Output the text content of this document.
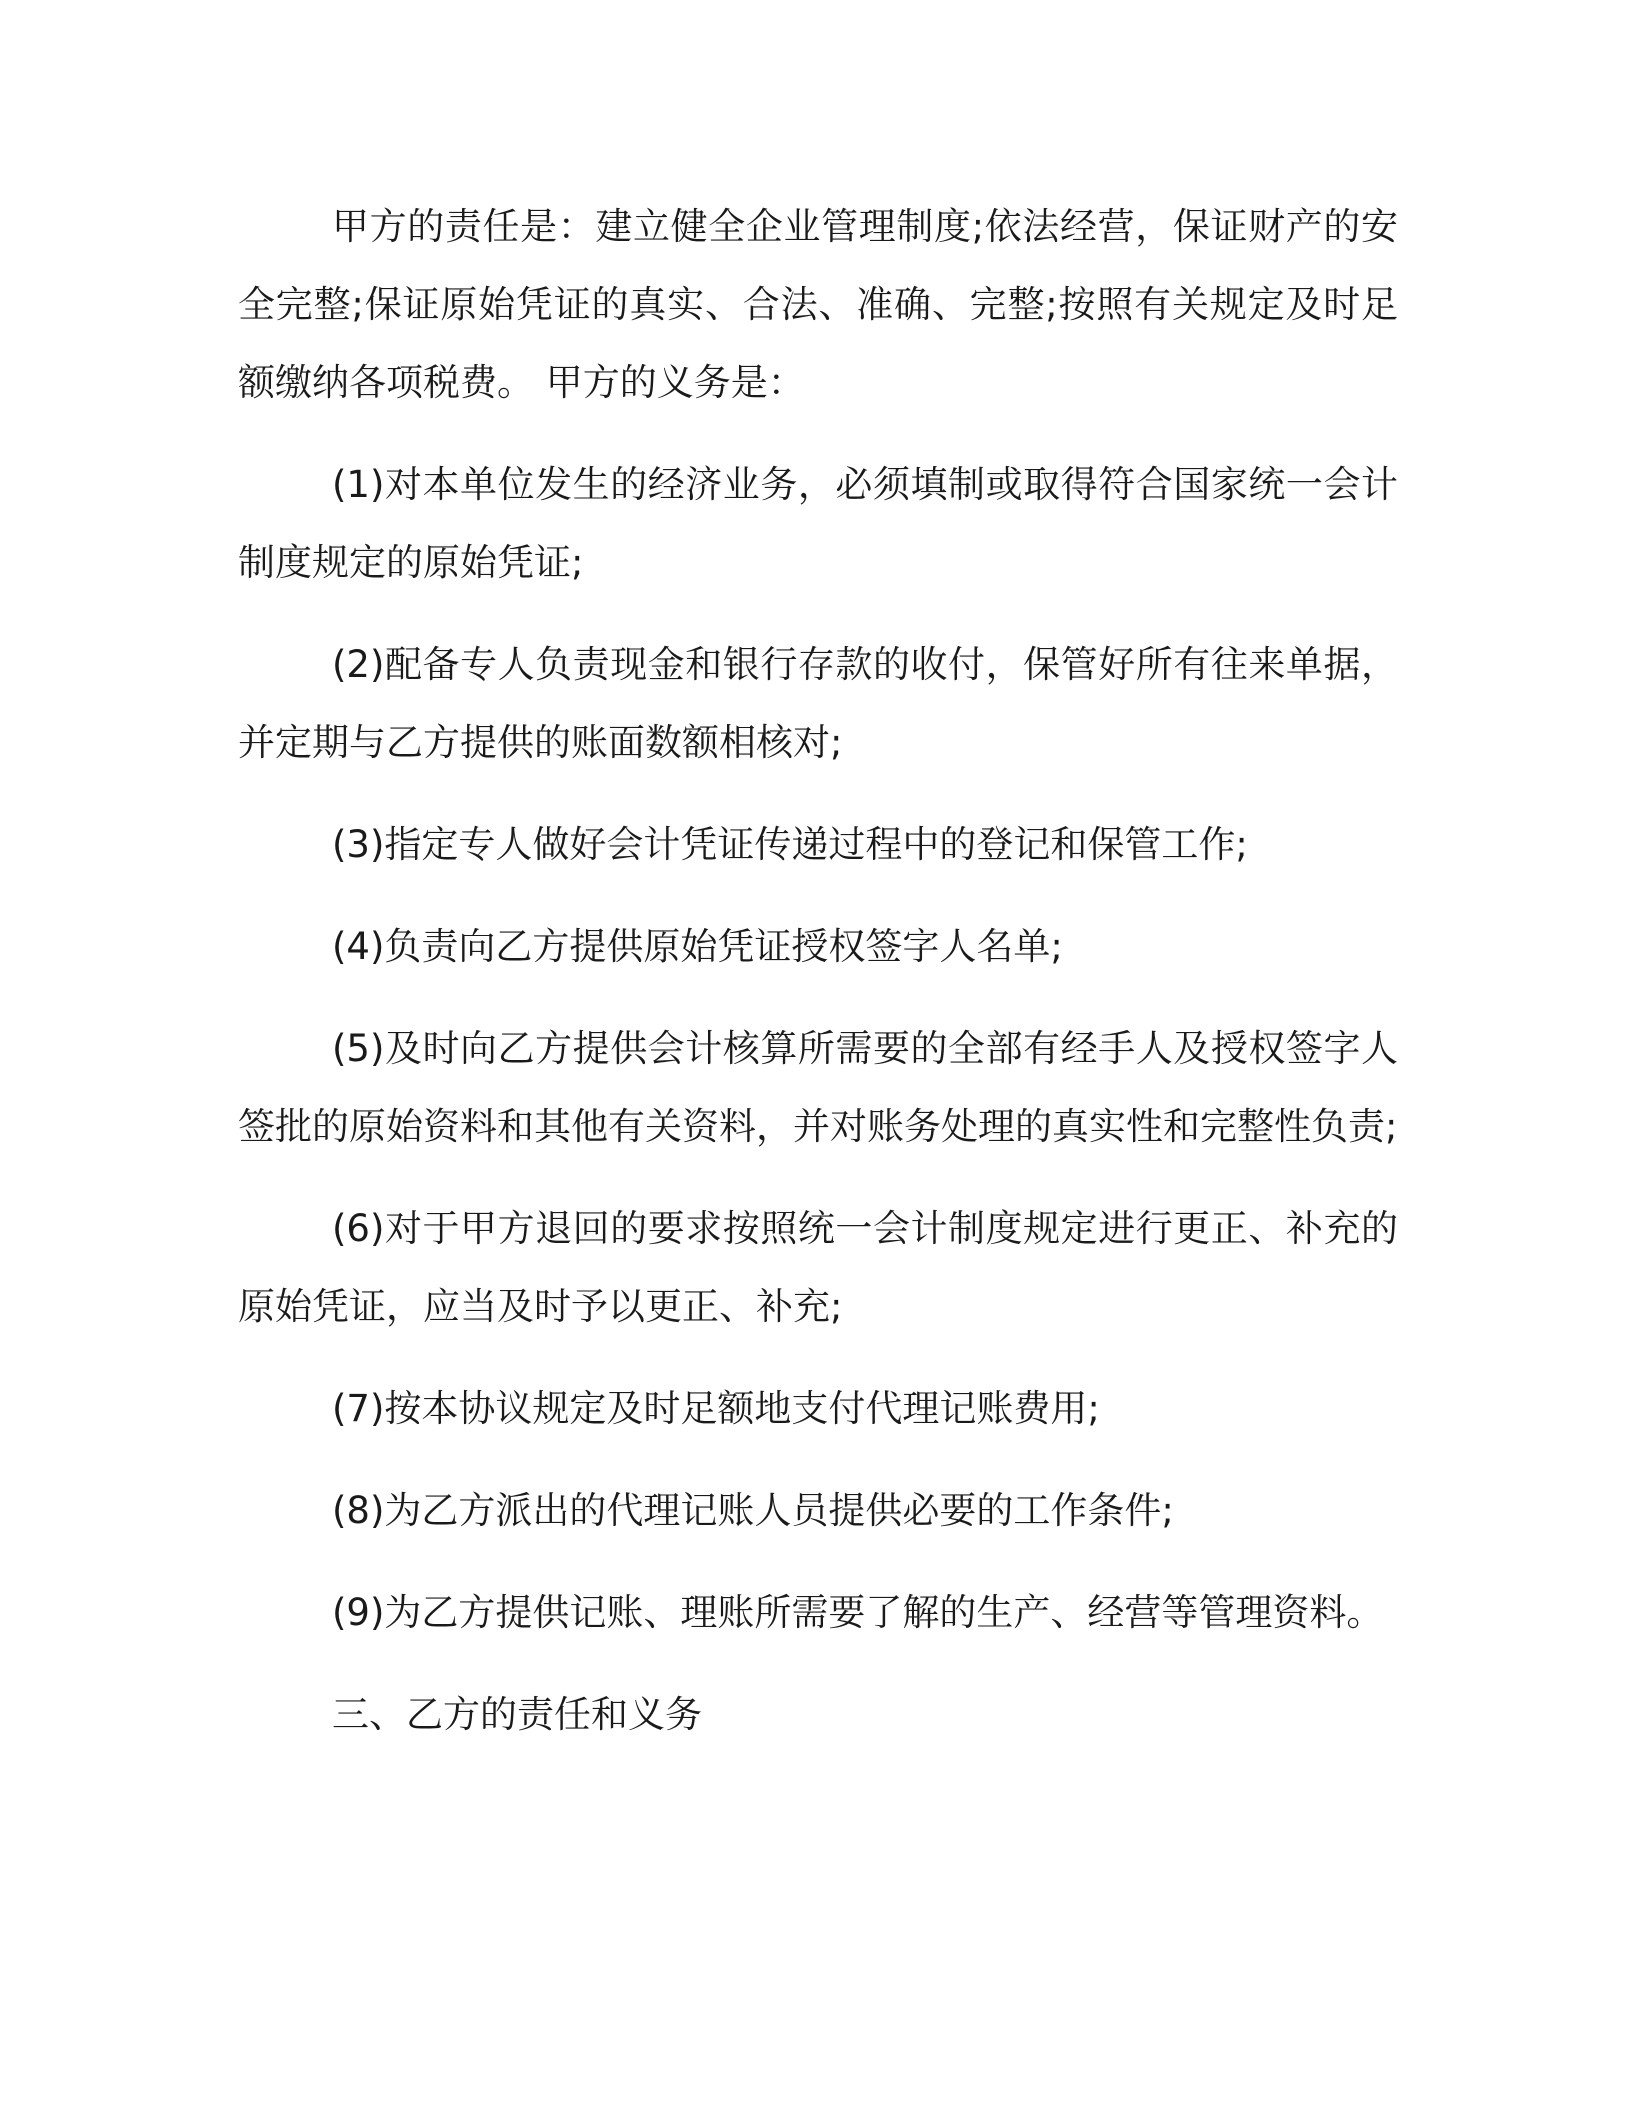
甲方的责任是：建立健全企业管理制度;依法经营，保证财产的安全完整;保证原始凭证的真实、合法、准确、完整;按照有关规定及时足额缴纳各项税费。 甲方的义务是：

(1)对本单位发生的经济业务，必须填制或取得符合国家统一会计制度规定的原始凭证;

(2)配备专人负责现金和银行存款的收付，保管好所有往来单据，并定期与乙方提供的账面数额相核对;

(3)指定专人做好会计凭证传递过程中的登记和保管工作;

(4)负责向乙方提供原始凭证授权签字人名单;

(5)及时向乙方提供会计核算所需要的全部有经手人及授权签字人签批的原始资料和其他有关资料，并对账务处理的真实性和完整性负责;

(6)对于甲方退回的要求按照统一会计制度规定进行更正、补充的原始凭证，应当及时予以更正、补充;

(7)按本协议规定及时足额地支付代理记账费用;

(8)为乙方派出的代理记账人员提供必要的工作条件;

(9)为乙方提供记账、理账所需要了解的生产、经营等管理资料。

三、乙方的责任和义务
